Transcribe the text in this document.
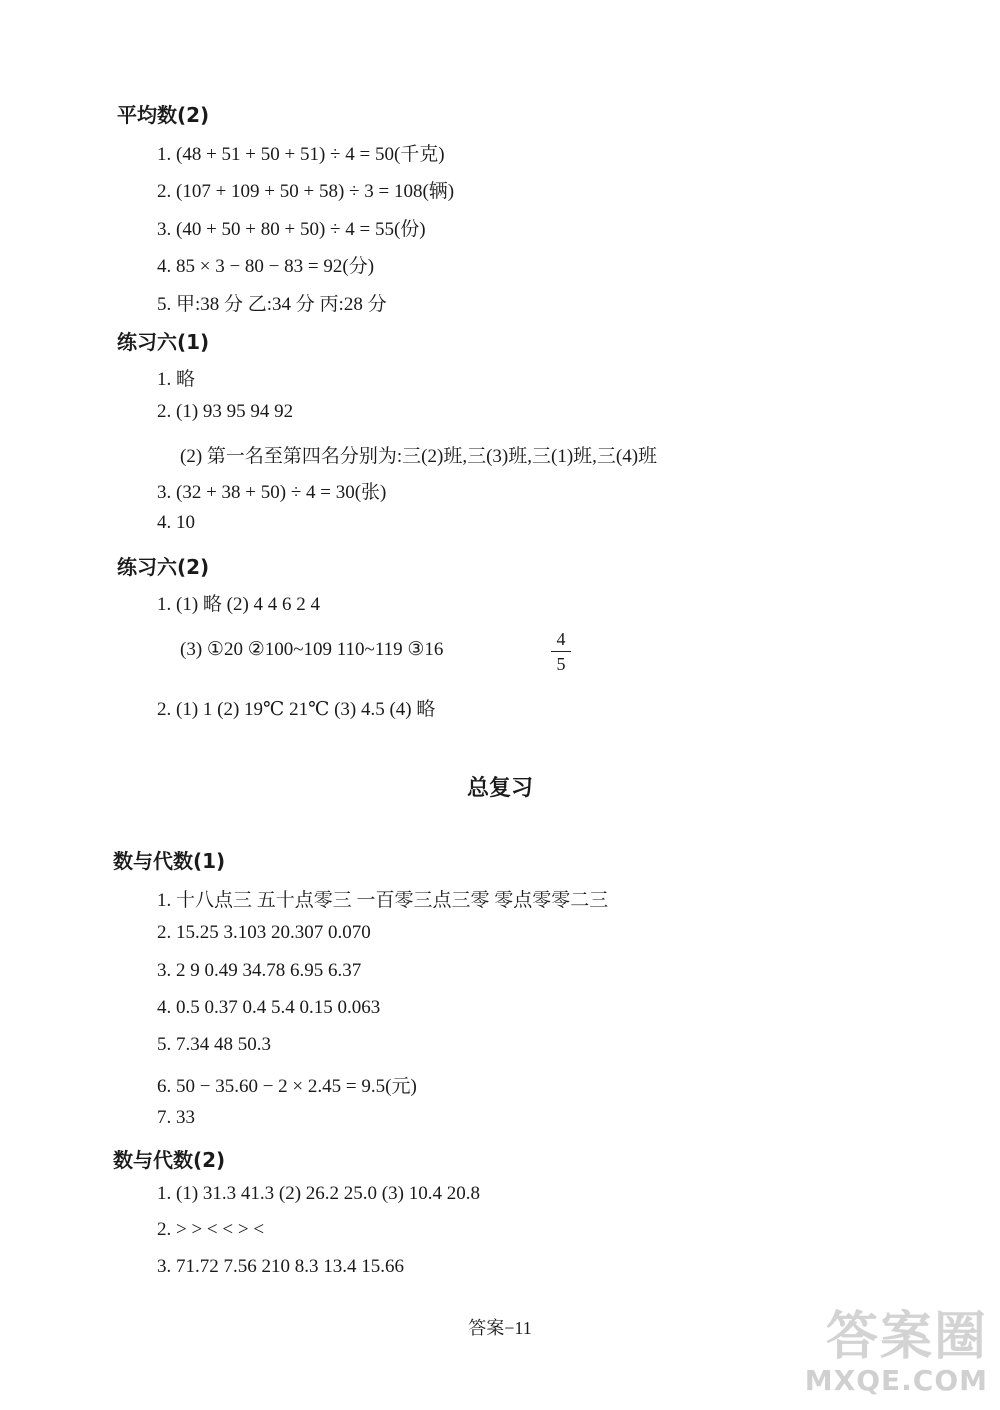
平均数(2)
1. (48 + 51 + 50 + 51) ÷ 4 = 50(千克)
2. (107 + 109 + 50 + 58) ÷ 3 = 108(辆)
3. (40 + 50 + 80 + 50) ÷ 4 = 55(份)
4. 85 × 3 − 80 − 83 = 92(分)
5. 甲:38 分 乙:34 分 丙:28 分
练习六(1)
1. 略
2. (1) 93 95 94 92
(2) 第一名至第四名分别为:三(2)班,三(3)班,三(1)班,三(4)班
3. (32 + 38 + 50) ÷ 4 = 30(张)
4. 10
练习六(2)
1. (1) 略 (2) 4 4 6 2 4
(3) ①20 ②100~109 110~119 ③16	4
5
2. (1) 1 (2) 19℃ 21℃ (3) 4.5 (4) 略
总复习
数与代数(1)
1. 十八点三 五十点零三 一百零三点三零 零点零零二三
2. 15.25 3.103 20.307 0.070
3. 2 9 0.49 34.78 6.95 6.37
4. 0.5 0.37 0.4 5.4 0.15 0.063
5. 7.34 48 50.3
6. 50 − 35.60 − 2 × 2.45 = 9.5(元)
7. 33
数与代数(2)
1. (1) 31.3 41.3 (2) 26.2 25.0 (3) 10.4 20.8
2. > > < < > <
3. 71.72 7.56 210 8.3 13.4 15.66
答案−11	答案圈
MXQE.COM
